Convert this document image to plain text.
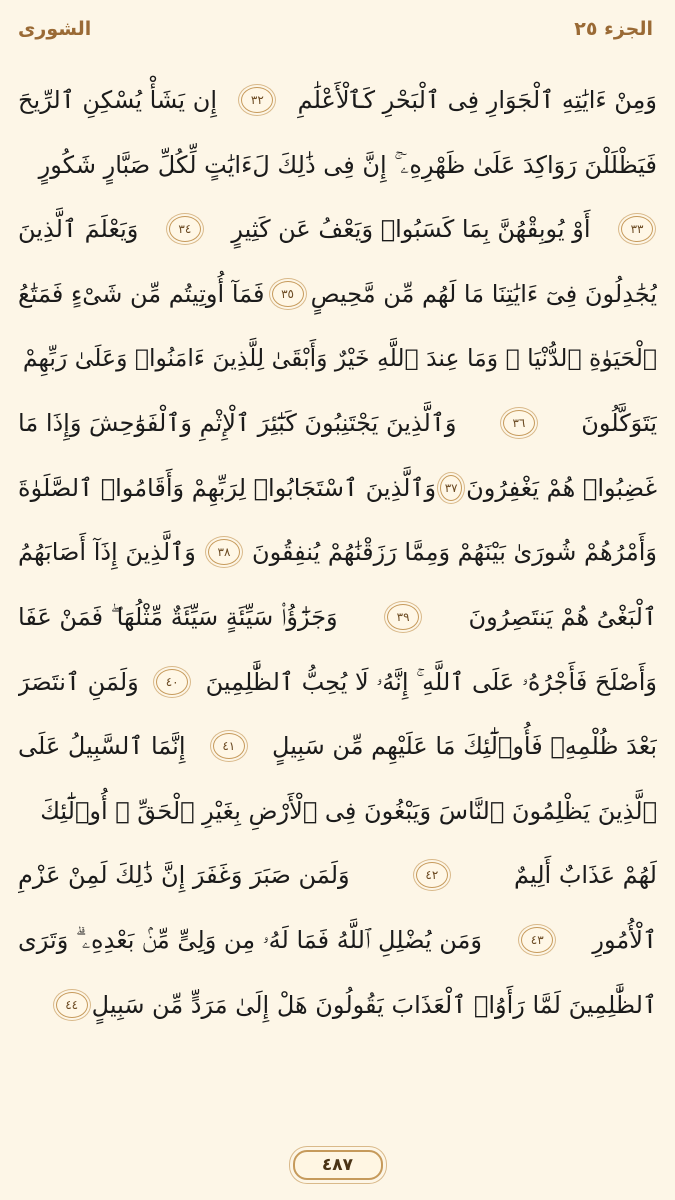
الجزء ٢٥
الشورى
وَمِنْ ءَايَٰتِهِ ٱلْجَوَارِ فِى ٱلْبَحْرِ كَٱلْأَعْلَٰمِ
٣٢
إِن يَشَأْ يُسْكِنِ ٱلرِّيحَ
فَيَظْلَلْنَ رَوَاكِدَ عَلَىٰ ظَهْرِهِۦٓ ۚ إِنَّ فِى ذَٰلِكَ لَءَايَٰتٍ لِّكُلِّ صَبَّارٍ شَكُورٍ
٣٣
أَوْ يُوبِقْهُنَّ بِمَا كَسَبُوا۟ وَيَعْفُ عَن كَثِيرٍ
٣٤
وَيَعْلَمَ ٱلَّذِينَ
يُجَٰدِلُونَ فِىٓ ءَايَٰتِنَا مَا لَهُم مِّن مَّحِيصٍ
٣٥
فَمَآ أُوتِيتُم مِّن شَىْءٍ فَمَتَٰعُ
ٱلْحَيَوٰةِ ٱلدُّنْيَا ۖ وَمَا عِندَ ٱللَّهِ خَيْرٌ وَأَبْقَىٰ لِلَّذِينَ ءَامَنُوا۟ وَعَلَىٰ رَبِّهِمْ
يَتَوَكَّلُونَ
٣٦
وَٱلَّذِينَ يَجْتَنِبُونَ كَبَٰٓئِرَ ٱلْإِثْمِ وَٱلْفَوَٰحِشَ وَإِذَا مَا
غَضِبُوا۟ هُمْ يَغْفِرُونَ
٣٧
وَٱلَّذِينَ ٱسْتَجَابُوا۟ لِرَبِّهِمْ وَأَقَامُوا۟ ٱلصَّلَوٰةَ
وَأَمْرُهُمْ شُورَىٰ بَيْنَهُمْ وَمِمَّا رَزَقْنَٰهُمْ يُنفِقُونَ
٣٨
وَٱلَّذِينَ إِذَآ أَصَابَهُمُ
ٱلْبَغْىُ هُمْ يَنتَصِرُونَ
٣٩
وَجَزَٰٓؤُا۟ سَيِّئَةٍ سَيِّئَةٌ مِّثْلُهَا ۖ فَمَنْ عَفَا
وَأَصْلَحَ فَأَجْرُهُۥ عَلَى ٱللَّهِ ۚ إِنَّهُۥ لَا يُحِبُّ ٱلظَّٰلِمِينَ
٤٠
وَلَمَنِ ٱنتَصَرَ
بَعْدَ ظُلْمِهِۦ فَأُو۟لَٰٓئِكَ مَا عَلَيْهِم مِّن سَبِيلٍ
٤١
إِنَّمَا ٱلسَّبِيلُ عَلَى
ٱلَّذِينَ يَظْلِمُونَ ٱلنَّاسَ وَيَبْغُونَ فِى ٱلْأَرْضِ بِغَيْرِ ٱلْحَقِّ ۚ أُو۟لَٰٓئِكَ
لَهُمْ عَذَابٌ أَلِيمٌ
٤٢
وَلَمَن صَبَرَ وَغَفَرَ إِنَّ ذَٰلِكَ لَمِنْ عَزْمِ
ٱلْأُمُورِ
٤٣
وَمَن يُضْلِلِ ٱللَّهُ فَمَا لَهُۥ مِن وَلِىٍّ مِّنۢ بَعْدِهِۦ ۗ وَتَرَى
ٱلظَّٰلِمِينَ لَمَّا رَأَوُا۟ ٱلْعَذَابَ يَقُولُونَ هَلْ إِلَىٰ مَرَدٍّ مِّن سَبِيلٍ
٤٤
٤٨٧
